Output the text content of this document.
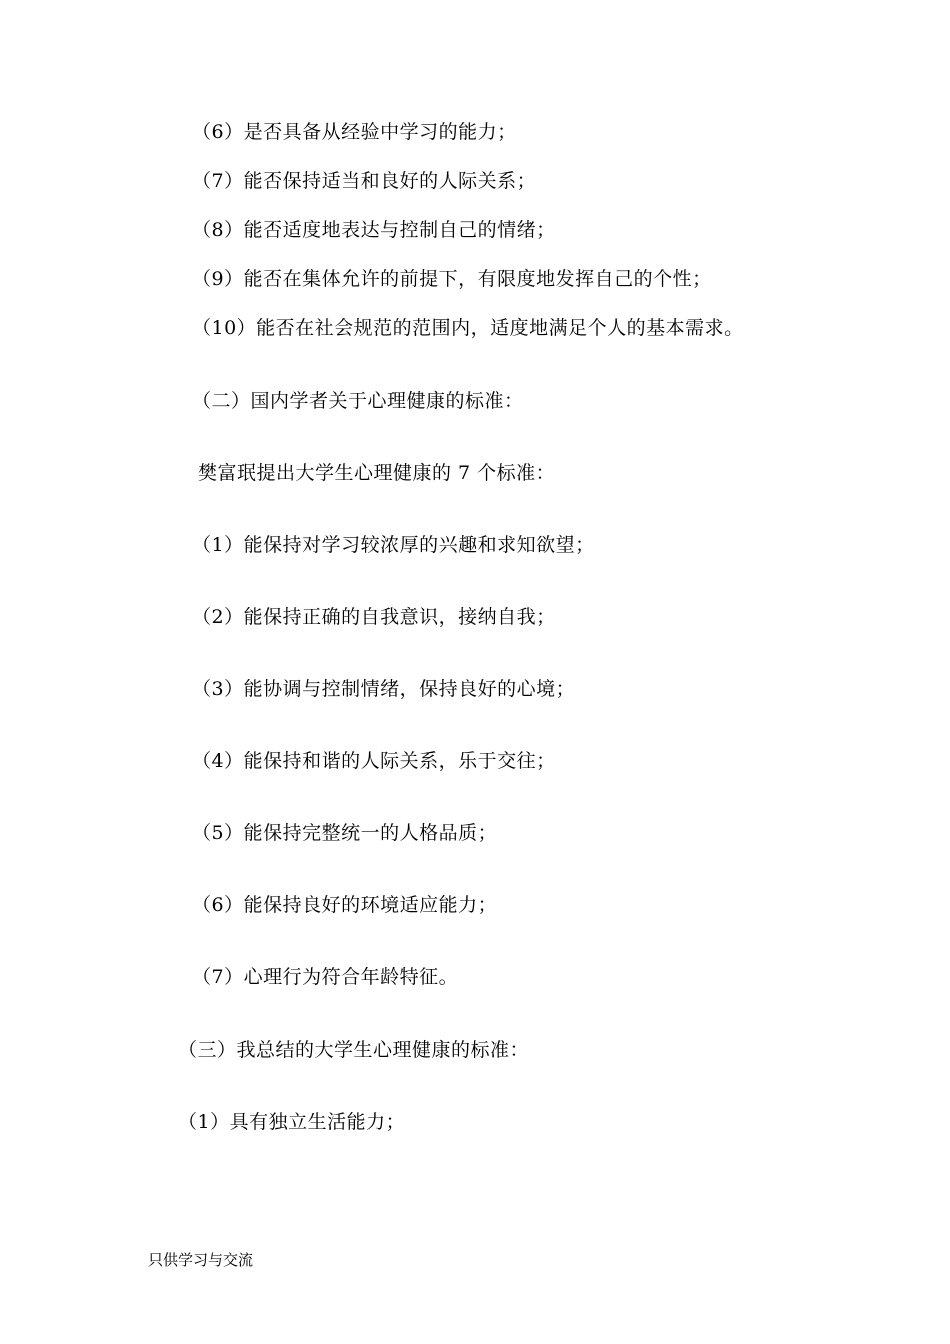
（6）是否具备从经验中学习的能力；
（7）能否保持适当和良好的人际关系；
（8）能否适度地表达与控制自己的情绪；
（9）能否在集体允许的前提下，有限度地发挥自己的个性；
（10）能否在社会规范的范围内，适度地满足个人的基本需求。
（二）国内学者关于心理健康的标准：
樊富珉提出大学生心理健康的 7 个标准：
（1）能保持对学习较浓厚的兴趣和求知欲望；
（2）能保持正确的自我意识，接纳自我；
（3）能协调与控制情绪，保持良好的心境；
（4）能保持和谐的人际关系，乐于交往；
（5）能保持完整统一的人格品质；
（6）能保持良好的环境适应能力；
（7）心理行为符合年龄特征。
（三）我总结的大学生心理健康的标准：
（1）具有独立生活能力；
只供学习与交流
